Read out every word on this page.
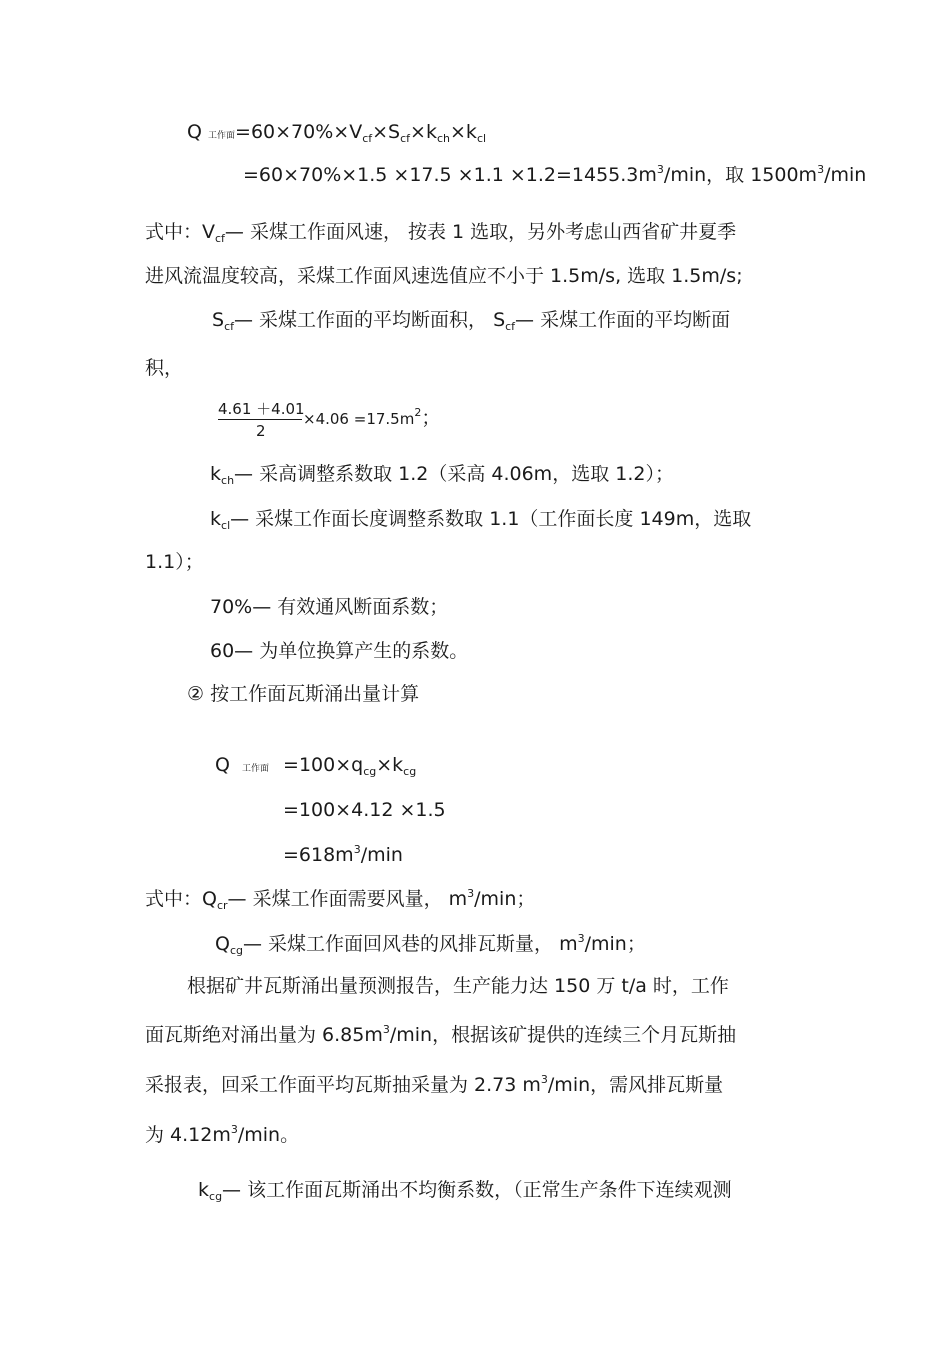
Q 工作面$=60\times 70\%\times V_{cf}\times S_{cf}\times k_{ch}\times k_{cl}$
$=60\times 70\%\times 1.5 \times 17.5 \times 1.1 \times 1.2=1455.3m^3/\min$，取 $1500m^3/\min$
式中：$V_{cf}—$ 采煤工作面风速， 按表 1 选取，另外考虑山西省矿井夏季
进风流温度较高，采煤工作面风速选值应不小于 1.5m/s, 选取 1.5m/s;
$S_{cf}—$ 采煤工作面的平均断面积， $S_{cf}—$ 采煤工作面的平均断面
积，
4.61 ＋4.01
2
$\times 4.06 =17.5m^2$；
$k_{ch}—$ 采高调整系数取 1.2（采高 4.06m，选取 1.2）；
$k_{cl}—$ 采煤工作面长度调整系数取 1.1（工作面长度 149m，选取
1.1）；
70%— 有效通风断面系数；
60— 为单位换算产生的系数。
② 按工作面瓦斯涌出量计算
Q 工作面 $=100\times q_{cg}\times k_{cg}$
=100×4.12 ×1.5
$=618m^3/\min$
式中：$Q_{cr}—$ 采煤工作面需要风量， $m^3/\min$；
$Q_{cg}—$ 采煤工作面回风巷的风排瓦斯量， $m^3/\min$；
根据矿井瓦斯涌出量预测报告，生产能力达 150 万 t/a 时，工作
面瓦斯绝对涌出量为 $6.85m^3/\min$，根据该矿提供的连续三个月瓦斯抽
采报表，回采工作面平均瓦斯抽采量为 2.73 $m^3/\min$，需风排瓦斯量
为 $4.12m^3/\min$。
$k_{cg}—$ 该工作面瓦斯涌出不均衡系数，（正常生产条件下连续观测
